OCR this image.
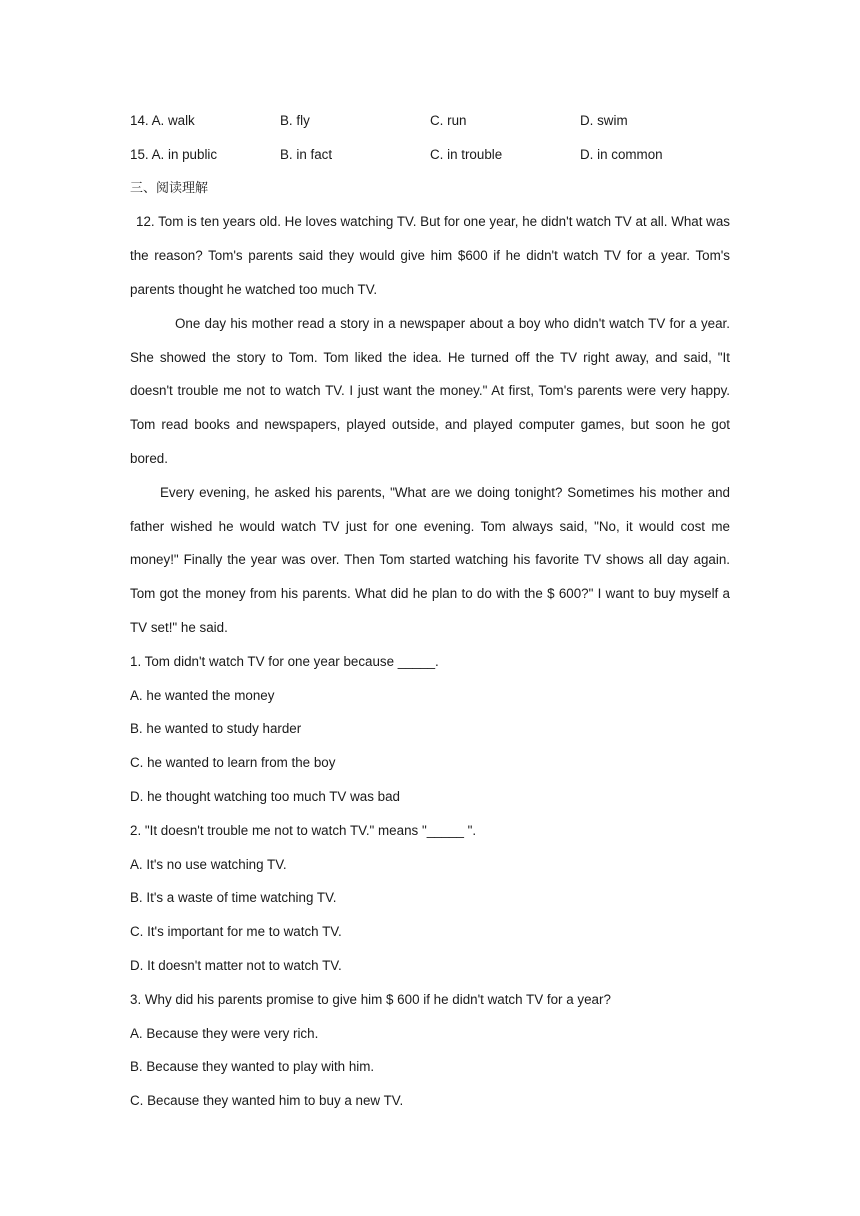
14. A. walk	B. fly	C. run	D. swim
15. A. in public	B. in fact	C. in trouble	D. in common
三、阅读理解

12. Tom is ten years old. He loves watching TV. But for one year, he didn't watch TV at all. What was the reason? Tom's parents said they would give him $600 if he didn't watch TV for a year. Tom's parents thought he watched too much TV.

One day his mother read a story in a newspaper about a boy who didn't watch TV for a year. She showed the story to Tom. Tom liked the idea. He turned off the TV right away, and said, "It doesn't trouble me not to watch TV. I just want the money." At first, Tom's parents were very happy. Tom read books and newspapers, played outside, and played computer games, but soon he got bored.

Every evening, he asked his parents, "What are we doing tonight? Sometimes his mother and father wished he would watch TV just for one evening. Tom always said, "No, it would cost me money!" Finally the year was over. Then Tom started watching his favorite TV shows all day again. Tom got the money from his parents. What did he plan to do with the $ 600?" I want to buy myself a TV set!" he said.

1. Tom didn't watch TV for one year because _____.
A. he wanted the money
B. he wanted to study harder
C. he wanted to learn from the boy
D. he thought watching too much TV was bad
2. "It doesn't trouble me not to watch TV." means "_____ ".
A. It's no use watching TV.
B. It's a waste of time watching TV.
C. It's important for me to watch TV.
D. It doesn't matter not to watch TV.
3. Why did his parents promise to give him $ 600 if he didn't watch TV for a year?
A. Because they were very rich.
B. Because they wanted to play with him.
C. Because they wanted him to buy a new TV.
